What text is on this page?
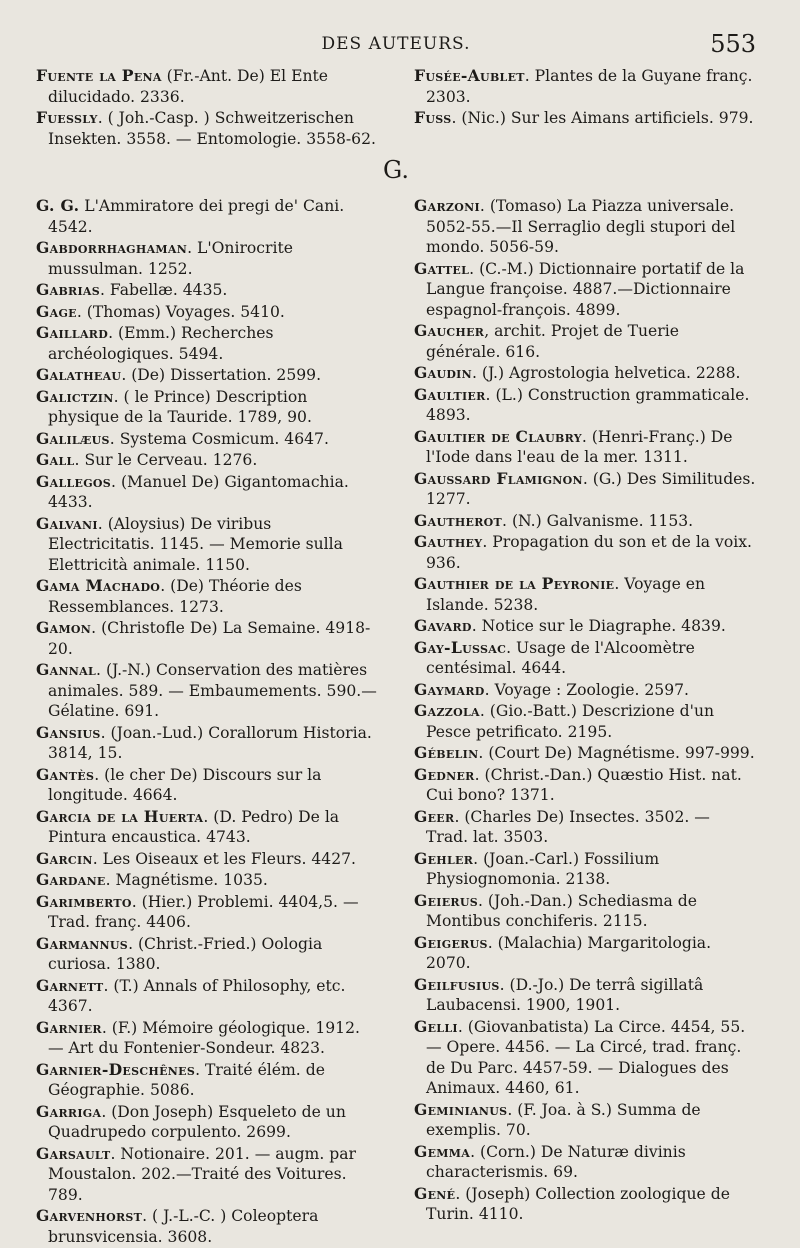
DES AUTEURS.	553

Fuente la Pena (Fr.-Ant. De) El Ente dilucidado. 2336.

Fuessly. ( Joh.-Casp. ) Schweitzerischen Insekten. 3558. — Entomologie. 3558-62.

Fusée-Aublet. Plantes de la Guyane franç. 2303.

Fuss. (Nic.) Sur les Aimans artificiels. 979.

G.

G. G. L'Ammiratore dei pregi de' Cani. 4542.

Gabdorrhaghaman. L'Onirocrite mussulman. 1252.

Gabrias. Fabellæ. 4435.

Gage. (Thomas) Voyages. 5410.

Gaillard. (Emm.) Recherches archéologiques. 5494.

Galatheau. (De) Dissertation. 2599.

Galictzin. ( le Prince) Description physique de la Tauride. 1789, 90.

Galilæus. Systema Cosmicum. 4647.

Gall. Sur le Cerveau. 1276.

Gallegos. (Manuel De) Gigantomachia. 4433.

Galvani. (Aloysius) De viribus Electricitatis. 1145. — Memorie sulla Elettricità animale. 1150.

Gama Machado. (De) Théorie des Ressemblances. 1273.

Gamon. (Christofle De) La Semaine. 4918-20.

Gannal. (J.-N.) Conservation des matières animales. 589. — Embaumements. 590.— Gélatine. 691.

Gansius. (Joan.-Lud.) Corallorum Historia. 3814, 15.

Gantès. (le cher De) Discours sur la longitude. 4664.

Garcia de la Huerta. (D. Pedro) De la Pintura encaustica. 4743.

Garcin. Les Oiseaux et les Fleurs. 4427.

Gardane. Magnétisme. 1035.

Garimberto. (Hier.) Problemi. 4404,5. —Trad. franç. 4406.

Garmannus. (Christ.-Fried.) Oologia curiosa. 1380.

Garnett. (T.) Annals of Philosophy, etc. 4367.

Garnier. (F.) Mémoire géologique. 1912. — Art du Fontenier-Sondeur. 4823.

Garnier-Deschênes. Traité élém. de Géographie. 5086.

Garriga. (Don Joseph) Esqueleto de un Quadrupedo corpulento. 2699.

Garsault. Notionaire. 201. — augm. par Moustalon. 202.—Traité des Voitures. 789.

Garvenhorst. ( J.-L.-C. ) Coleoptera brunsvicensia. 3608.

Garzoni. (Tomaso) La Piazza universale. 5052-55.—Il Serraglio degli stupori del mondo. 5056-59.

Gattel. (C.-M.) Dictionnaire portatif de la Langue françoise. 4887.—Dictionnaire espagnol-françois. 4899.

Gaucher, archit. Projet de Tuerie générale. 616.

Gaudin. (J.) Agrostologia helvetica. 2288.

Gaultier. (L.) Construction grammaticale. 4893.

Gaultier de Claubry. (Henri-Franç.) De l'Iode dans l'eau de la mer. 1311.

Gaussard Flamignon. (G.) Des Similitudes. 1277.

Gautherot. (N.) Galvanisme. 1153.

Gauthey. Propagation du son et de la voix. 936.

Gauthier de la Peyronie. Voyage en Islande. 5238.

Gavard. Notice sur le Diagraphe. 4839.

Gay-Lussac. Usage de l'Alcoomètre centésimal. 4644.

Gaymard. Voyage : Zoologie. 2597.

Gazzola. (Gio.-Batt.) Descrizione d'un Pesce petrificato. 2195.

Gébelin. (Court De) Magnétisme. 997-999.

Gedner. (Christ.-Dan.) Quæstio Hist. nat. Cui bono? 1371.

Geer. (Charles De) Insectes. 3502. — Trad. lat. 3503.

Gehler. (Joan.-Carl.) Fossilium Physiognomonia. 2138.

Geierus. (Joh.-Dan.) Schediasma de Montibus conchiferis. 2115.

Geigerus. (Malachia) Margaritologia. 2070.

Geilfusius. (D.-Jo.) De terrâ sigillatâ Laubacensi. 1900, 1901.

Gelli. (Giovanbatista) La Circe. 4454, 55. — Opere. 4456. — La Circé, trad. franç. de Du Parc. 4457-59. — Dialogues des Animaux. 4460, 61.

Geminianus. (F. Joa. à S.) Summa de exemplis. 70.

Gemma. (Corn.) De Naturæ divinis characterismis. 69.

Gené. (Joseph) Collection zoologique de Turin. 4110.
